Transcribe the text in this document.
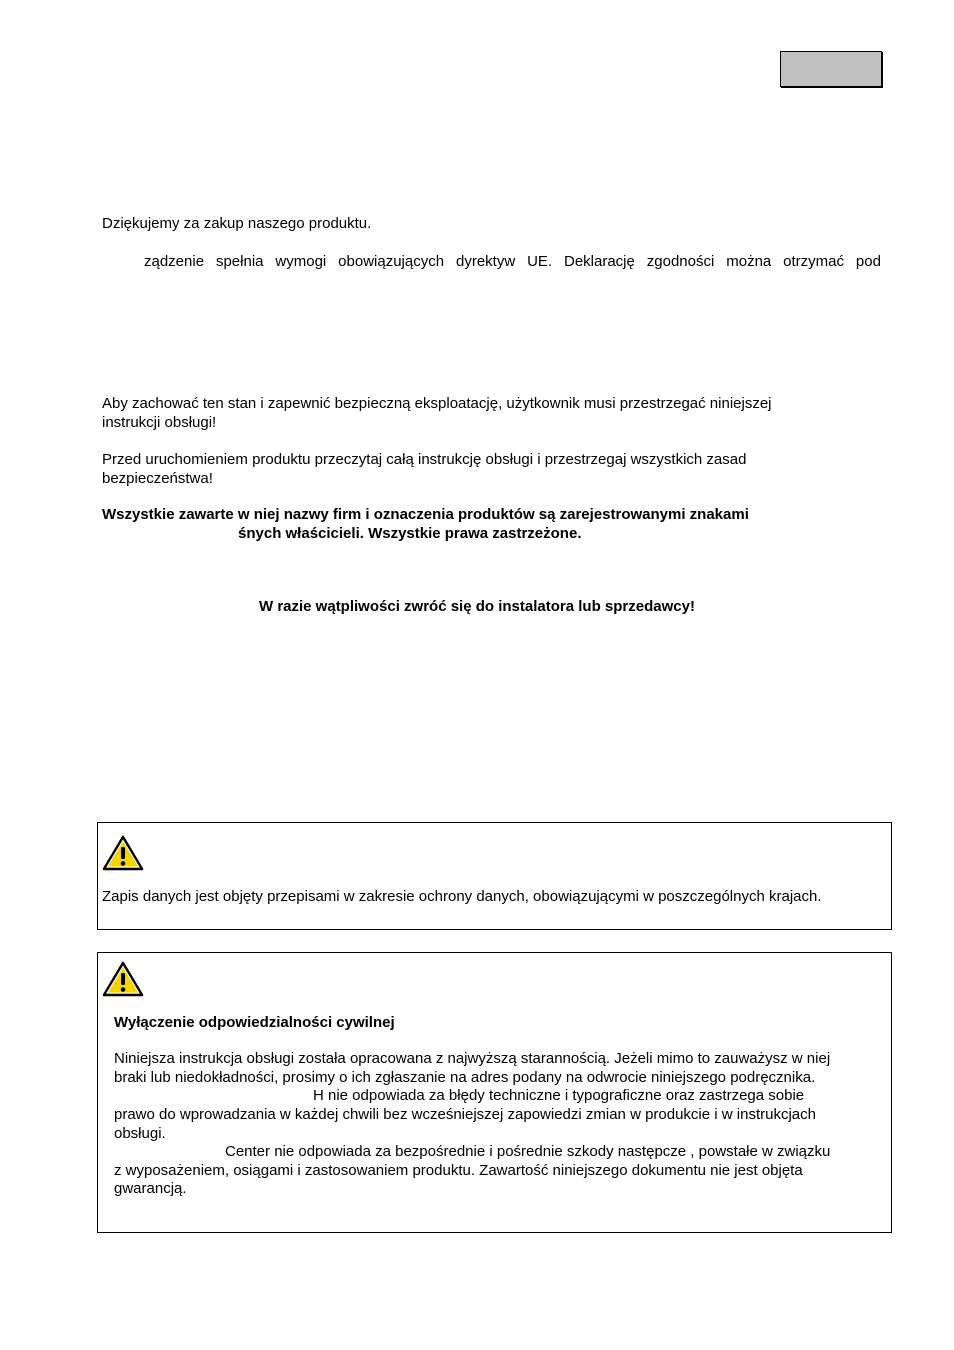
Dziękujemy za zakup naszego produktu.
ządzenie spełnia wymogi obowiązujących dyrektyw UE. Deklarację zgodności można otrzymać pod
Aby zachować ten stan i zapewnić bezpieczną eksploatację, użytkownik musi przestrzegać niniejszej
instrukcji obsługi!
Przed uruchomieniem produktu przeczytaj całą instrukcję obsługi i przestrzegaj wszystkich zasad
bezpieczeństwa!
Wszystkie zawarte w niej nazwy firm i oznaczenia produktów są zarejestrowanymi znakami
śnych właścicieli. Wszystkie prawa zastrzeżone.
W razie wątpliwości zwróć się do instalatora lub sprzedawcy!
Zapis danych jest objęty przepisami w zakresie ochrony danych, obowiązującymi w poszczególnych krajach.
Wyłączenie odpowiedzialności cywilnej
Niniejsza instrukcja obsługi została opracowana z najwyższą starannością. Jeżeli mimo to zauważysz w niej
braki lub niedokładności, prosimy o ich zgłaszanie na adres podany na odwrocie niniejszego podręcznika.
H nie odpowiada za błędy techniczne i typograficzne oraz zastrzega sobie
prawo do wprowadzania w każdej chwili bez wcześniejszej zapowiedzi zmian w produkcie i w instrukcjach
obsługi.
Center nie odpowiada za bezpośrednie i pośrednie szkody następcze , powstałe w związku
z wyposażeniem, osiągami i zastosowaniem produktu. Zawartość niniejszego dokumentu nie jest objęta
gwarancją.
